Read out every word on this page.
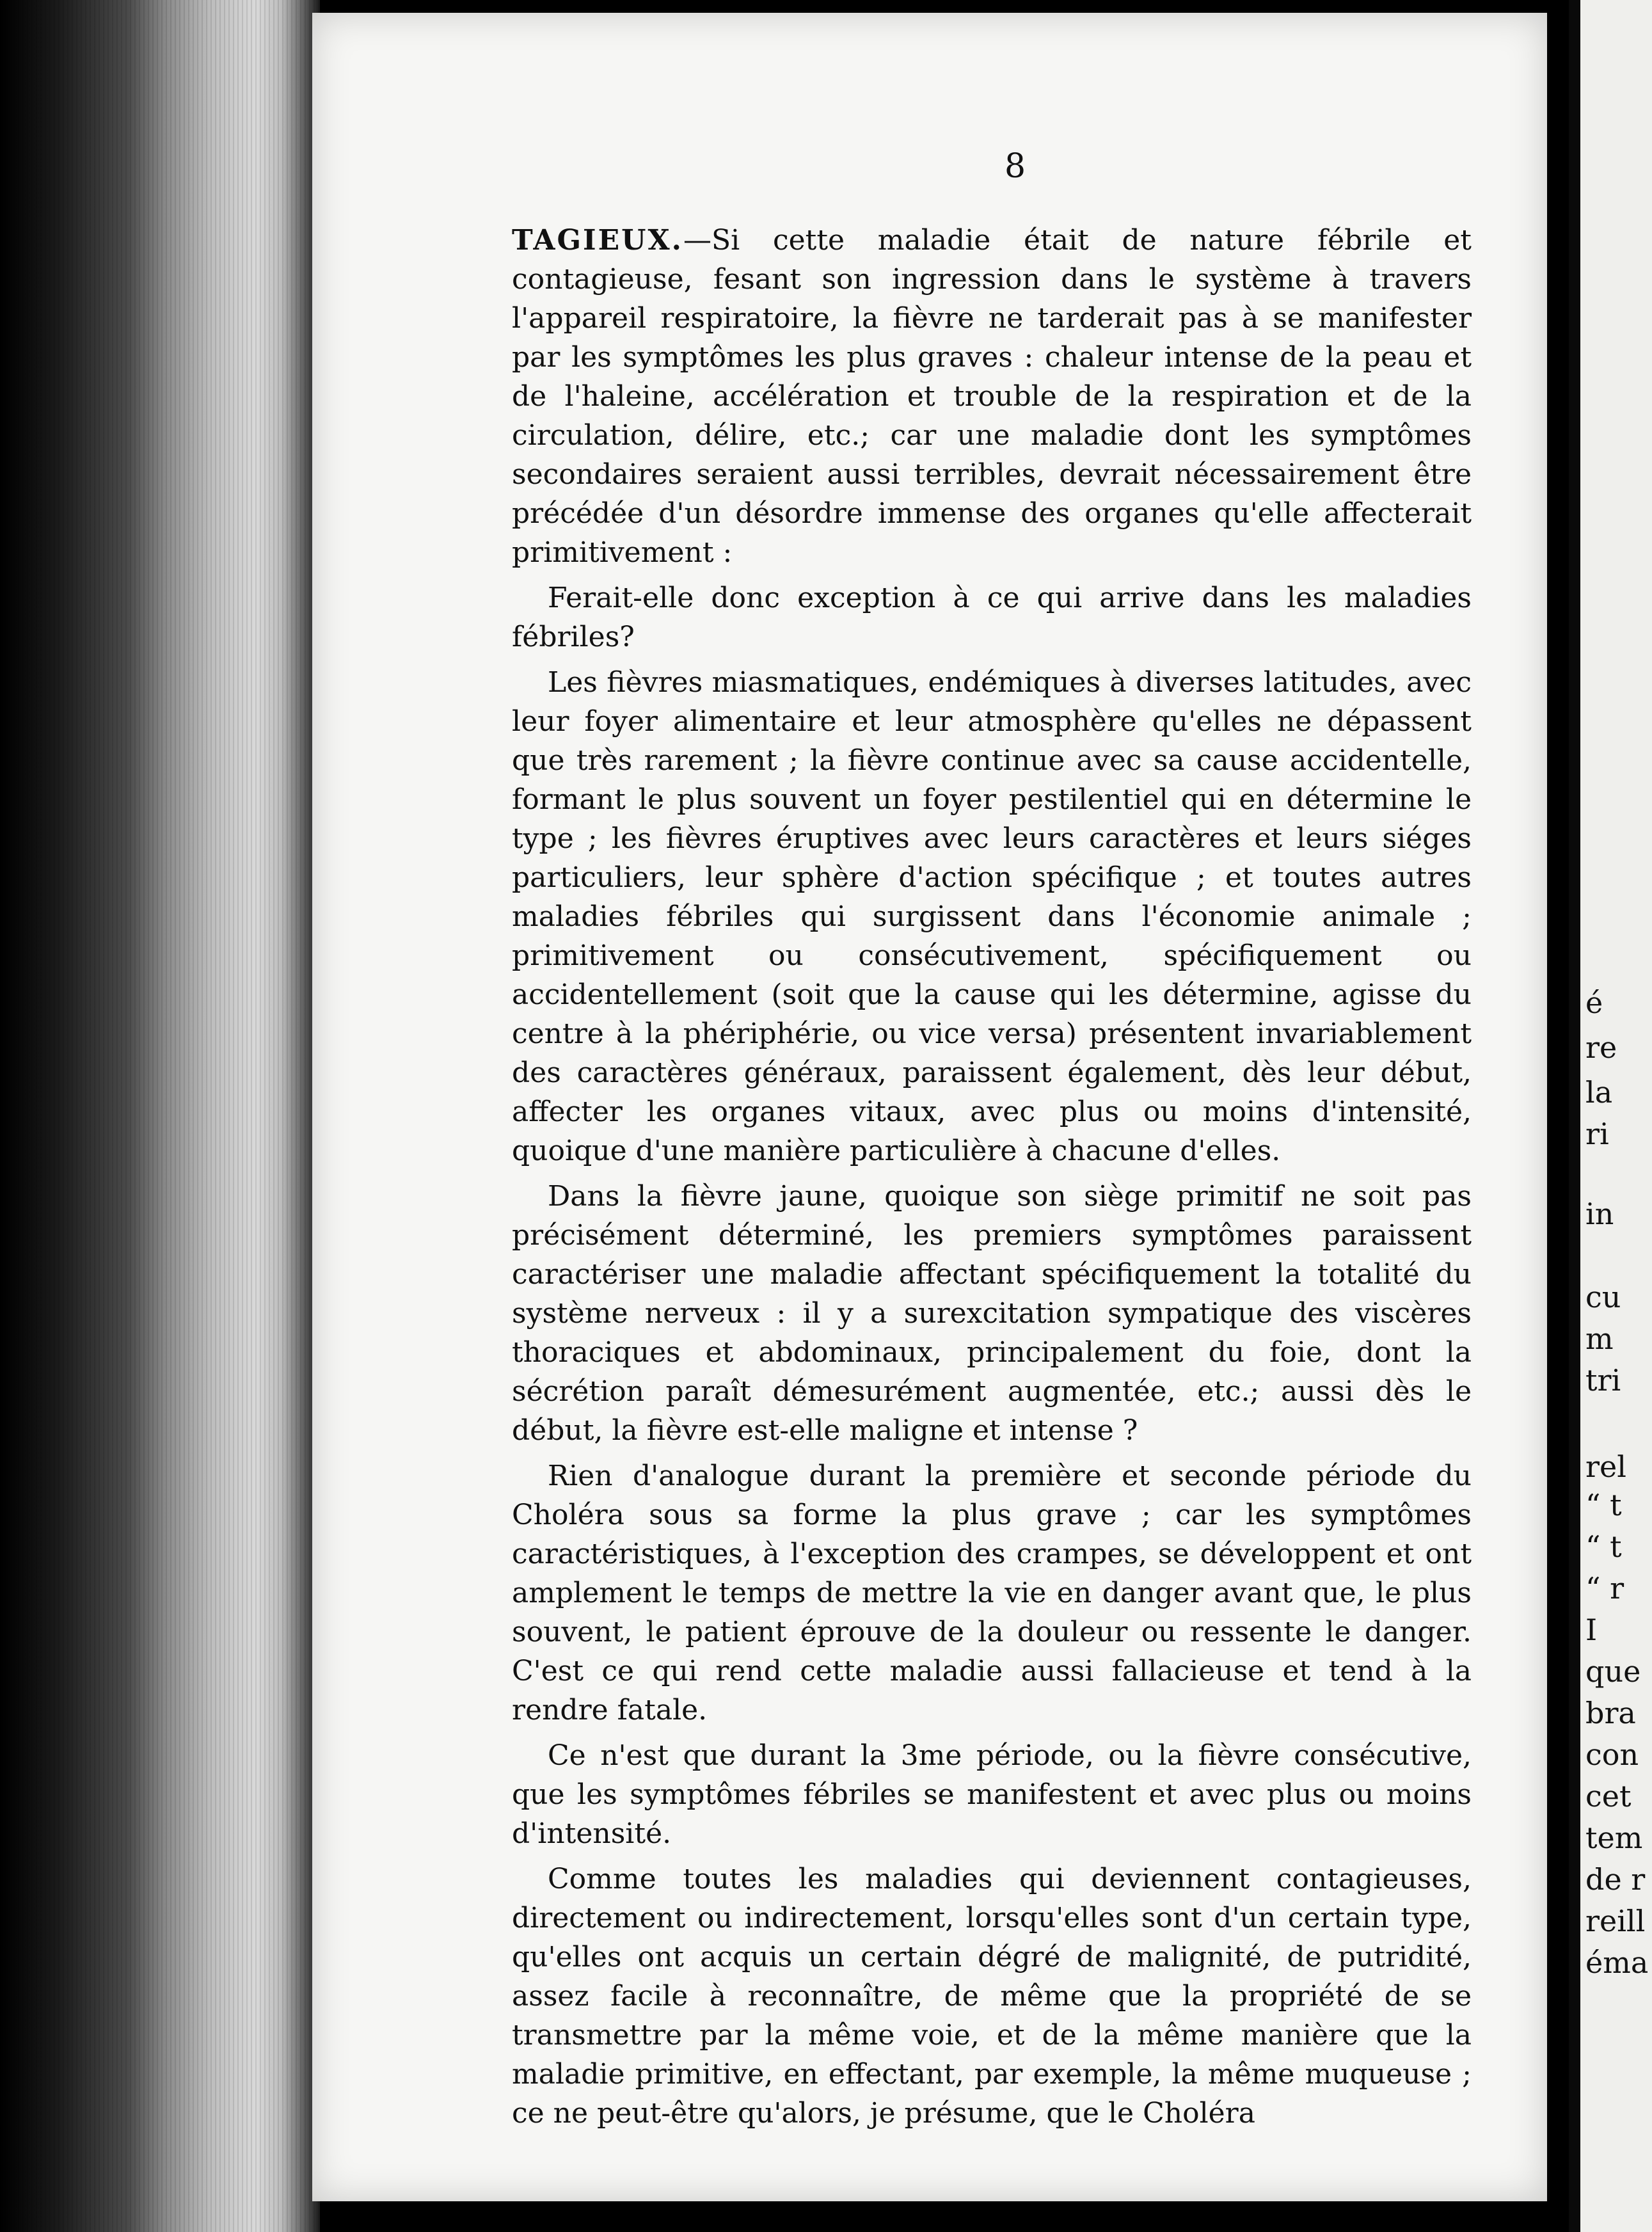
8

TAGIEUX.—Si cette maladie était de nature fébrile et contagieuse, fesant son ingression dans le système à travers l'appareil respiratoire, la fièvre ne tarderait pas à se manifester par les symptômes les plus graves : chaleur intense de la peau et de l'haleine, accélération et trouble de la respiration et de la circulation, délire, etc.; car une maladie dont les symptômes secondaires seraient aussi terribles, devrait nécessairement être précédée d'un désordre immense des organes qu'elle affecterait primitivement :

Ferait-elle donc exception à ce qui arrive dans les maladies fébriles?

Les fièvres miasmatiques, endémiques à diverses latitudes, avec leur foyer alimentaire et leur atmosphère qu'elles ne dépassent que très rarement ; la fièvre continue avec sa cause accidentelle, formant le plus souvent un foyer pestilentiel qui en détermine le type ; les fièvres éruptives avec leurs caractères et leurs siéges particuliers, leur sphère d'action spécifique ; et toutes autres maladies fébriles qui surgissent dans l'économie animale ; primitivement ou consécutivement, spécifiquement ou accidentellement (soit que la cause qui les détermine, agisse du centre à la phériphérie, ou vice versa) présentent invariablement des caractères généraux, paraissent également, dès leur début, affecter les organes vitaux, avec plus ou moins d'intensité, quoique d'une manière particulière à chacune d'elles.

Dans la fièvre jaune, quoique son siège primitif ne soit pas précisément déterminé, les premiers symptômes paraissent caractériser une maladie affectant spécifiquement la totalité du système nerveux : il y a surexcitation sympatique des viscères thoraciques et abdominaux, principalement du foie, dont la sécrétion paraît démesurément augmentée, etc.; aussi dès le début, la fièvre est-elle maligne et intense ?

Rien d'analogue durant la première et seconde période du Choléra sous sa forme la plus grave ; car les symptômes caractéristiques, à l'exception des crampes, se développent et ont amplement le temps de mettre la vie en danger avant que, le plus souvent, le patient éprouve de la douleur ou ressente le danger. C'est ce qui rend cette maladie aussi fallacieuse et tend à la rendre fatale.

Ce n'est que durant la 3me période, ou la fièvre consécutive, que les symptômes fébriles se manifestent et avec plus ou moins d'intensité.

Comme toutes les maladies qui deviennent contagieuses, directement ou indirectement, lorsqu'elles sont d'un certain type, qu'elles ont acquis un certain dégré de malignité, de putridité, assez facile à reconnaître, de même que la propriété de se transmettre par la même voie, et de la même manière que la maladie primitive, en effectant, par exemple, la même muqueuse ; ce ne peut-être qu'alors, je présume, que le Choléra

é
re
la
ri
in
cu
m
tri
rel
“ t
“ t
“ r
I
que
bra
con
cet
tem
de r
reill
éma
